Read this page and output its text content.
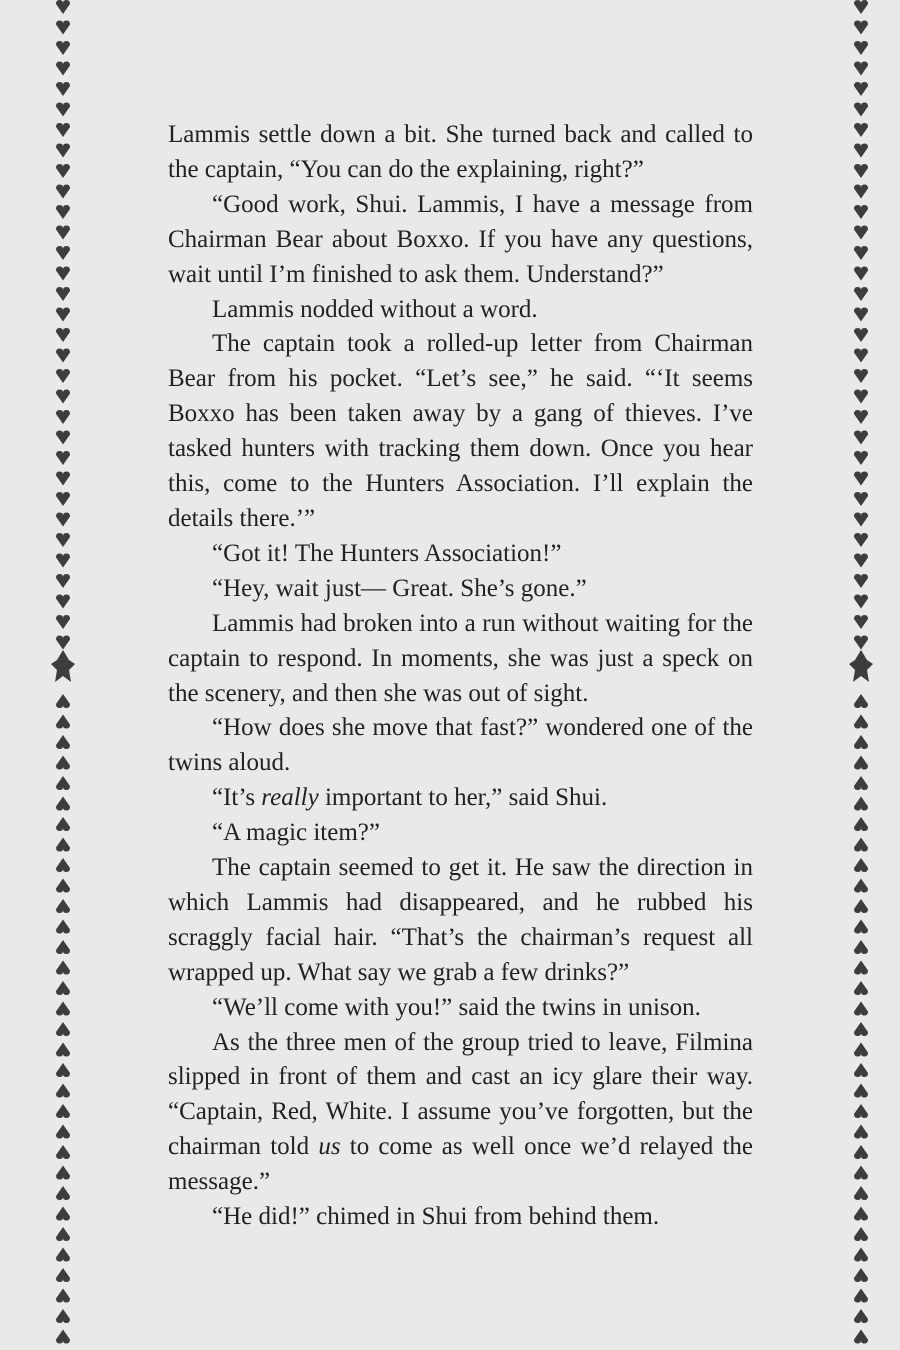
Lammis settle down a bit. She turned back and called to the captain, “You can do the explaining, right?”

“Good work, Shui. Lammis, I have a message from Chairman Bear about Boxxo. If you have any questions, wait until I’m finished to ask them. Understand?”

Lammis nodded without a word.

The captain took a rolled-up letter from Chairman Bear from his pocket. “Let’s see,” he said. “‘It seems Boxxo has been taken away by a gang of thieves. I’ve tasked hunters with tracking them down. Once you hear this, come to the Hunters Association. I’ll explain the details there.’”

“Got it! The Hunters Association!”

“Hey, wait just— Great. She’s gone.”

Lammis had broken into a run without waiting for the captain to respond. In moments, she was just a speck on the scenery, and then she was out of sight.

“How does she move that fast?” wondered one of the twins aloud.

“It’s really important to her,” said Shui.

“A magic item?”

The captain seemed to get it. He saw the direction in which Lammis had disappeared, and he rubbed his scraggly facial hair. “That’s the chairman’s request all wrapped up. What say we grab a few drinks?”

“We’ll come with you!” said the twins in unison.

As the three men of the group tried to leave, Filmina slipped in front of them and cast an icy glare their way. “Captain, Red, White. I assume you’ve forgotten, but the chairman told us to come as well once we’d relayed the message.”

“He did!” chimed in Shui from behind them.
